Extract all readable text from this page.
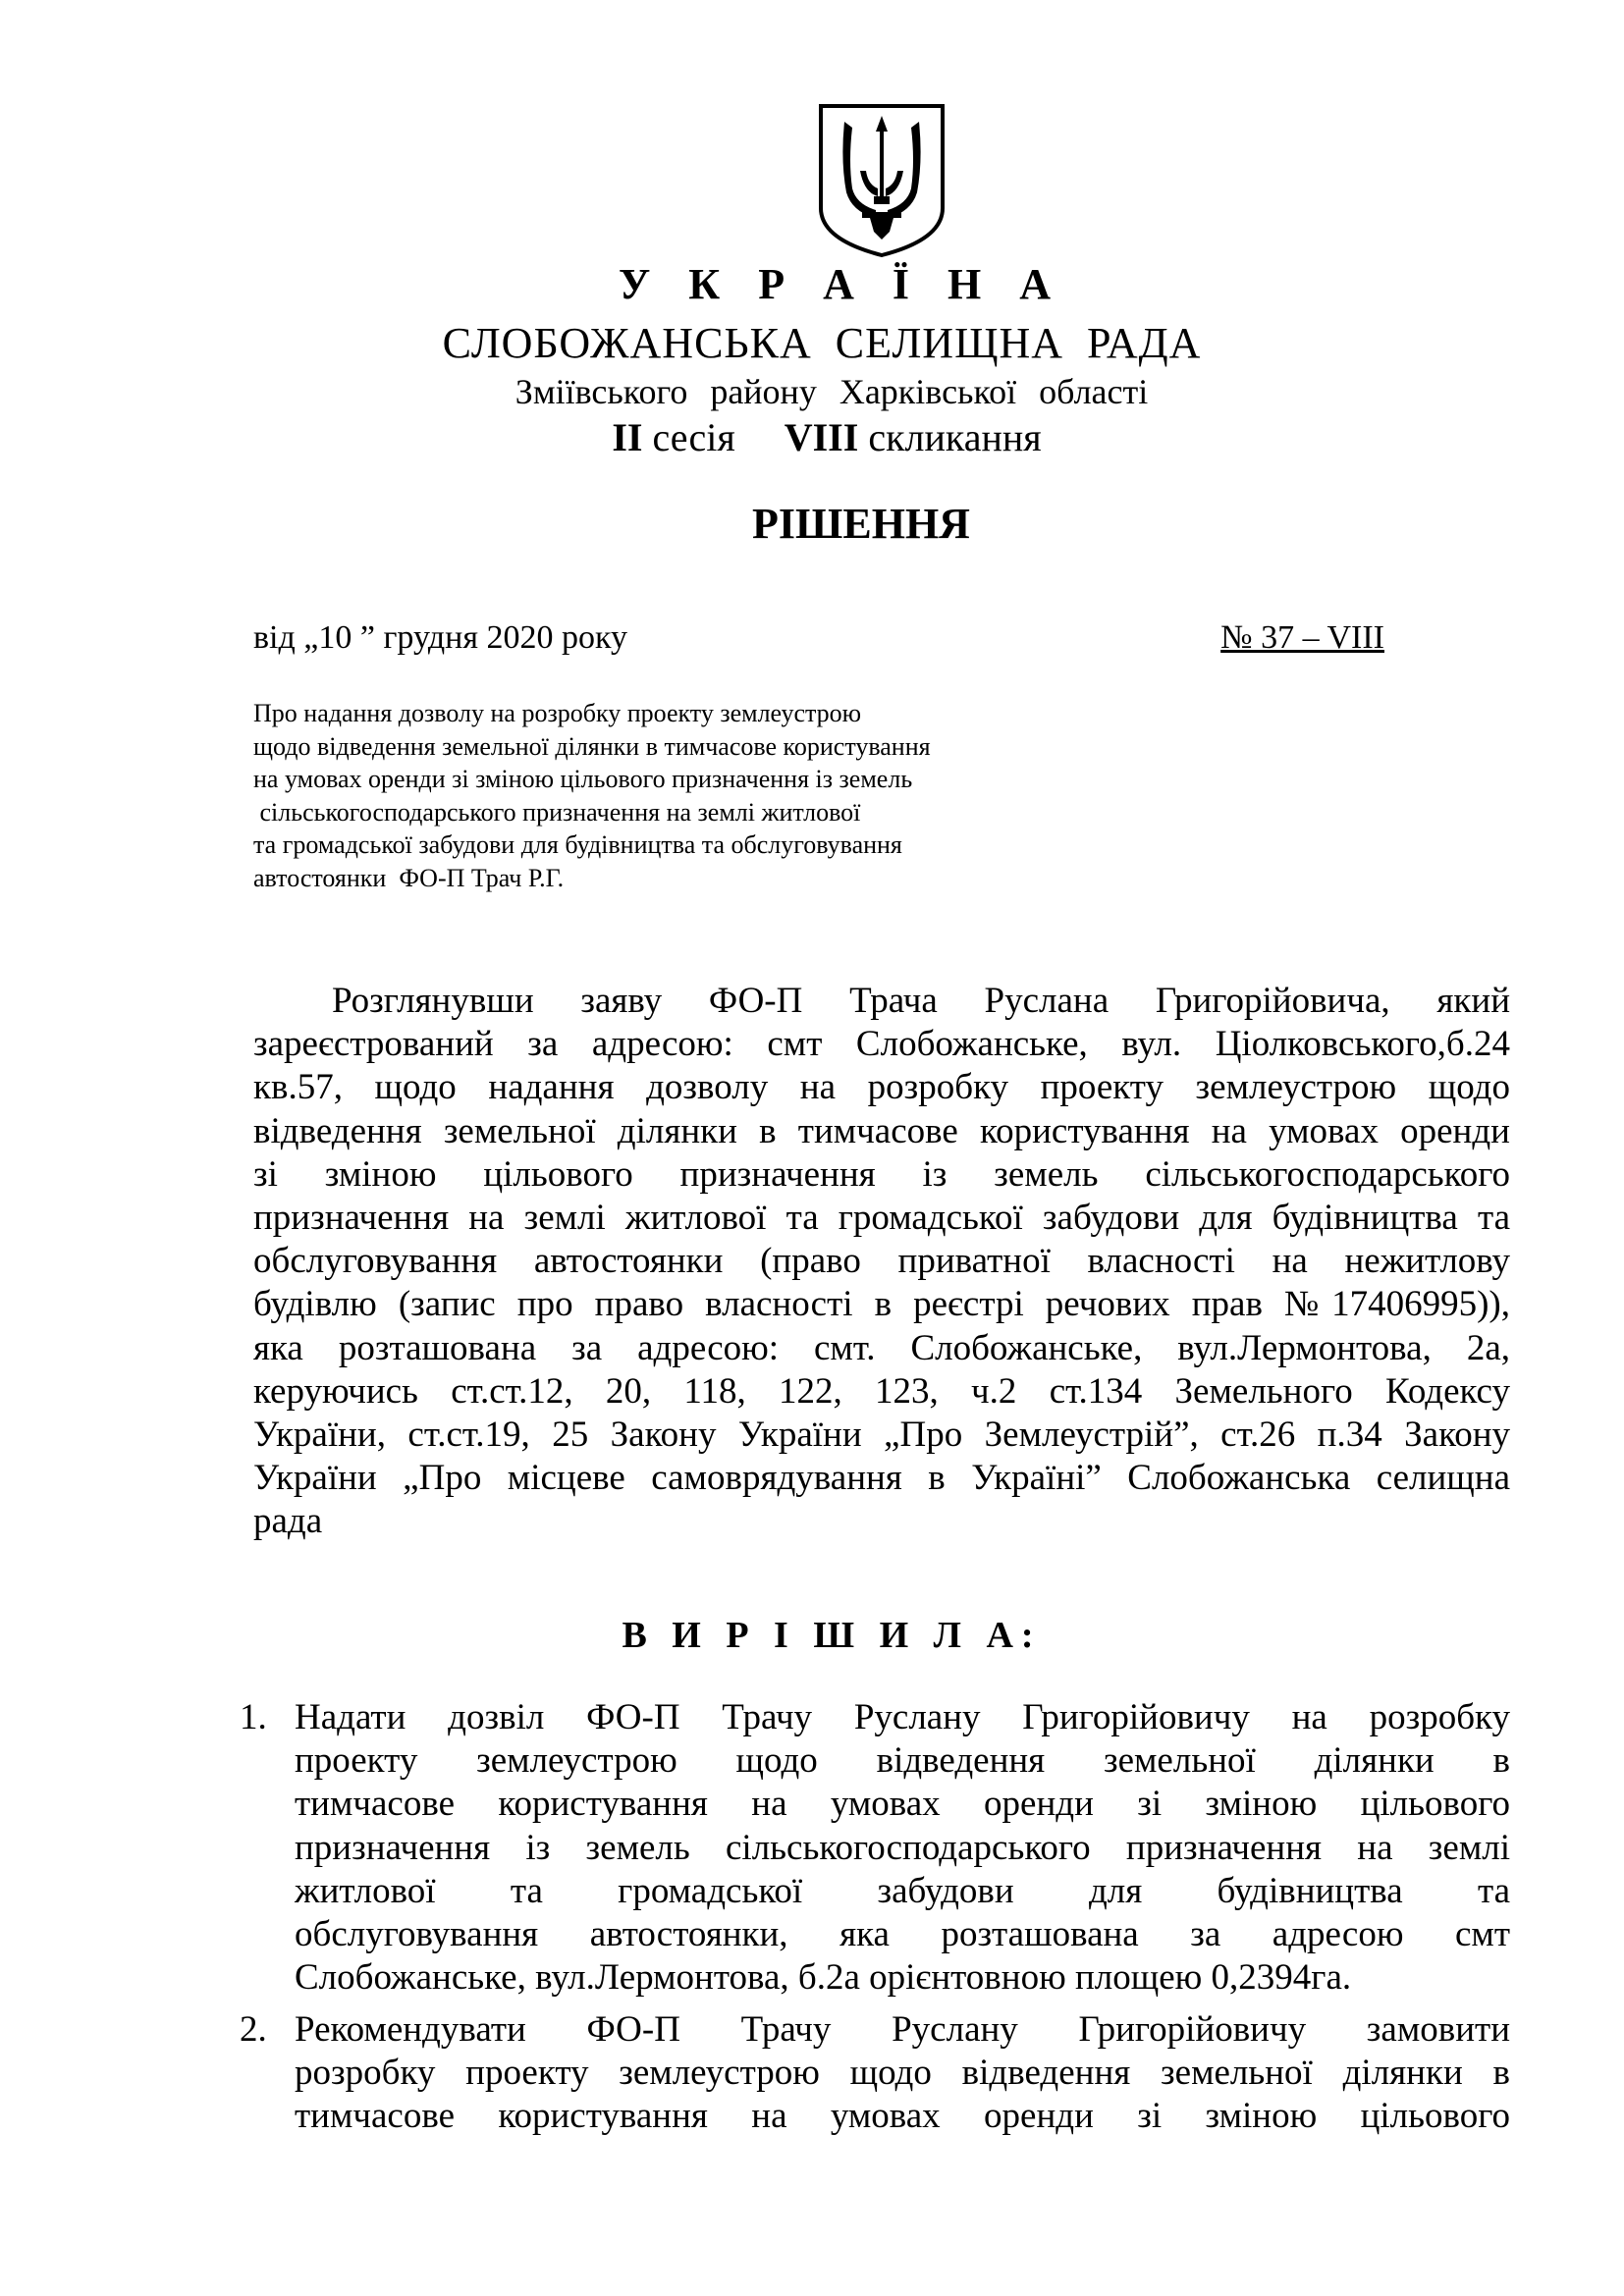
У К Р А Ї Н А
СЛОБОЖАНСЬКА СЕЛИЩНА РАДА
Зміївського району Харківської області
II сесія     VIII скликання
РІШЕННЯ
від „10 ” грудня 2020 року	№ 37 – VIII
Про надання дозволу на розробку проекту землеустрою
щодо відведення земельної ділянки в тимчасове користування
на умовах оренди зі зміною цільового призначення із земель
сільськогосподарського призначення на землі житлової
та громадської забудови для будівництва та обслуговування
автостоянки  ФО-П Трач Р.Г.
Розглянувши заяву ФО-П Трача Руслана Григорійовича, який
зареєстрований за адресою: смт Слобожанське, вул. Ціолковського,б.24
кв.57, щодо надання дозволу на розробку проекту землеустрою щодо
відведення земельної ділянки в тимчасове користування на умовах оренди
зі зміною цільового призначення із земель сільськогосподарського
призначення на землі житлової та громадської забудови для будівництва та
обслуговування автостоянки (право приватної власності на нежитлову
будівлю (запис про право власності в реєстрі речових прав №17406995)),
яка розташована за адресою: смт. Слобожанське, вул.Лермонтова, 2а,
керуючись ст.ст.12, 20, 118, 122, 123, ч.2 ст.134 Земельного Кодексу
України, ст.ст.19, 25 Закону України „Про Землеустрій”, ст.26 п.34 Закону
України „Про місцеве самоврядування в Україні” Слобожанська селищна
рада
В И Р І Ш И Л А:
1. Надати дозвіл ФО-П Трачу Руслану Григорійовичу на розробку
проекту землеустрою щодо відведення земельної ділянки в
тимчасове користування на умовах оренди зі зміною цільового
призначення із земель сільськогосподарського призначення на землі
житлової та громадської забудови для будівництва та
обслуговування автостоянки, яка розташована за адресою смт
Слобожанське, вул.Лермонтова, б.2а орієнтовною площею 0,2394га.
2. Рекомендувати ФО-П Трачу Руслану Григорійовичу замовити
розробку проекту землеустрою щодо відведення земельної ділянки в
тимчасове користування на умовах оренди зі зміною цільового
